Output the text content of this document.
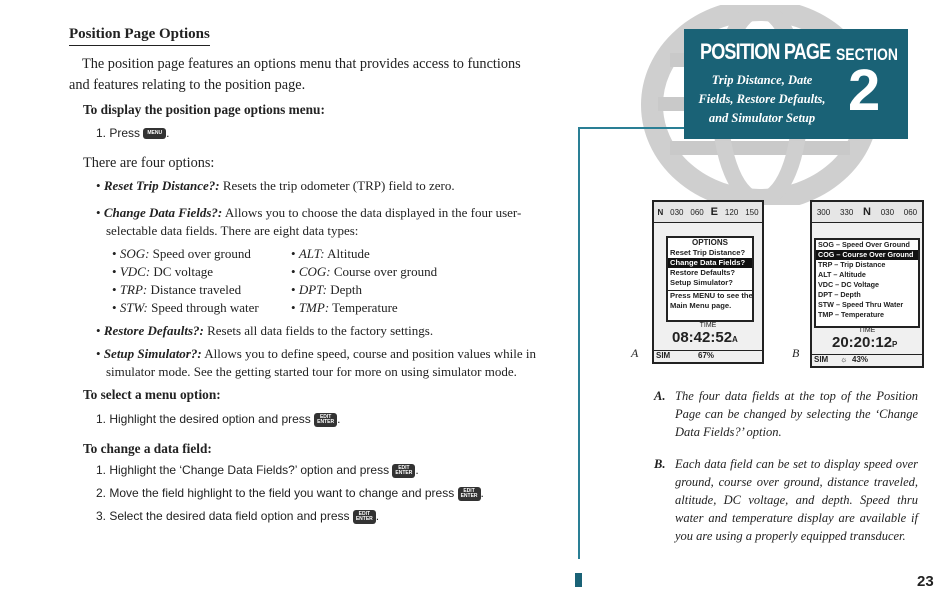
Position Page Options
The position page features an options menu that provides access to functions
and features relating to the position page.
To display the position page options menu:
1. Press MENU .
There are four options:
• Reset Trip Distance?: Resets the trip odometer (TRP) field to zero.
• Change Data Fields?: Allows you to choose the data displayed in the four user-
selectable data fields. There are eight data types:
• SOG: Speed over ground
• VDC: DC voltage
• TRP: Distance traveled
• STW: Speed through water
• ALT: Altitude
• COG: Course over ground
• DPT: Depth
• TMP: Temperature
• Restore Defaults?: Resets all data fields to the factory settings.
• Setup Simulator?: Allows you to define speed, course and position values while in
simulator mode. See the getting started tour for more on using simulator mode.
To select a menu option:
1. Highlight the desired option and press EDIT
ENTER .
To change a data field:
1. Highlight the ‘Change Data Fields?’ option and press EDIT
ENTER .
2. Move the field highlight to the field you want to change and press EDIT
ENTER .
3. Select the desired data field option and press EDIT
ENTER .
POSITION PAGE
Trip Distance, Date
Fields, Restore Defaults,
and Simulator Setup
SECTION
2
A
N 030 060 E 120 150
OPTIONS
Reset Trip Distance?
Change Data Fields?
Restore Defaults?
Setup Simulator?
Press MENU to see the
Main Menu page.
TIME
08:42:52A
SIM	67%	B
300 330 N 030 060
SOG – Speed Over Ground
COG – Course Over Ground
TRP – Trip Distance
ALT – Altitude
VDC – DC Voltage
DPT – Depth
STW – Speed Thru Water
TMP – Temperature
TIME
20:20:12P
SIM ☼ 43%
A. The four data fields at the top of the Position Page can be changed by selecting the ‘Change Data Fields?’ option.
B. Each data field can be set to display speed over ground, course over ground, distance traveled, altitude, DC voltage, and depth. Speed thru water and temperature display are available if you are using a properly equipped transducer.
23
